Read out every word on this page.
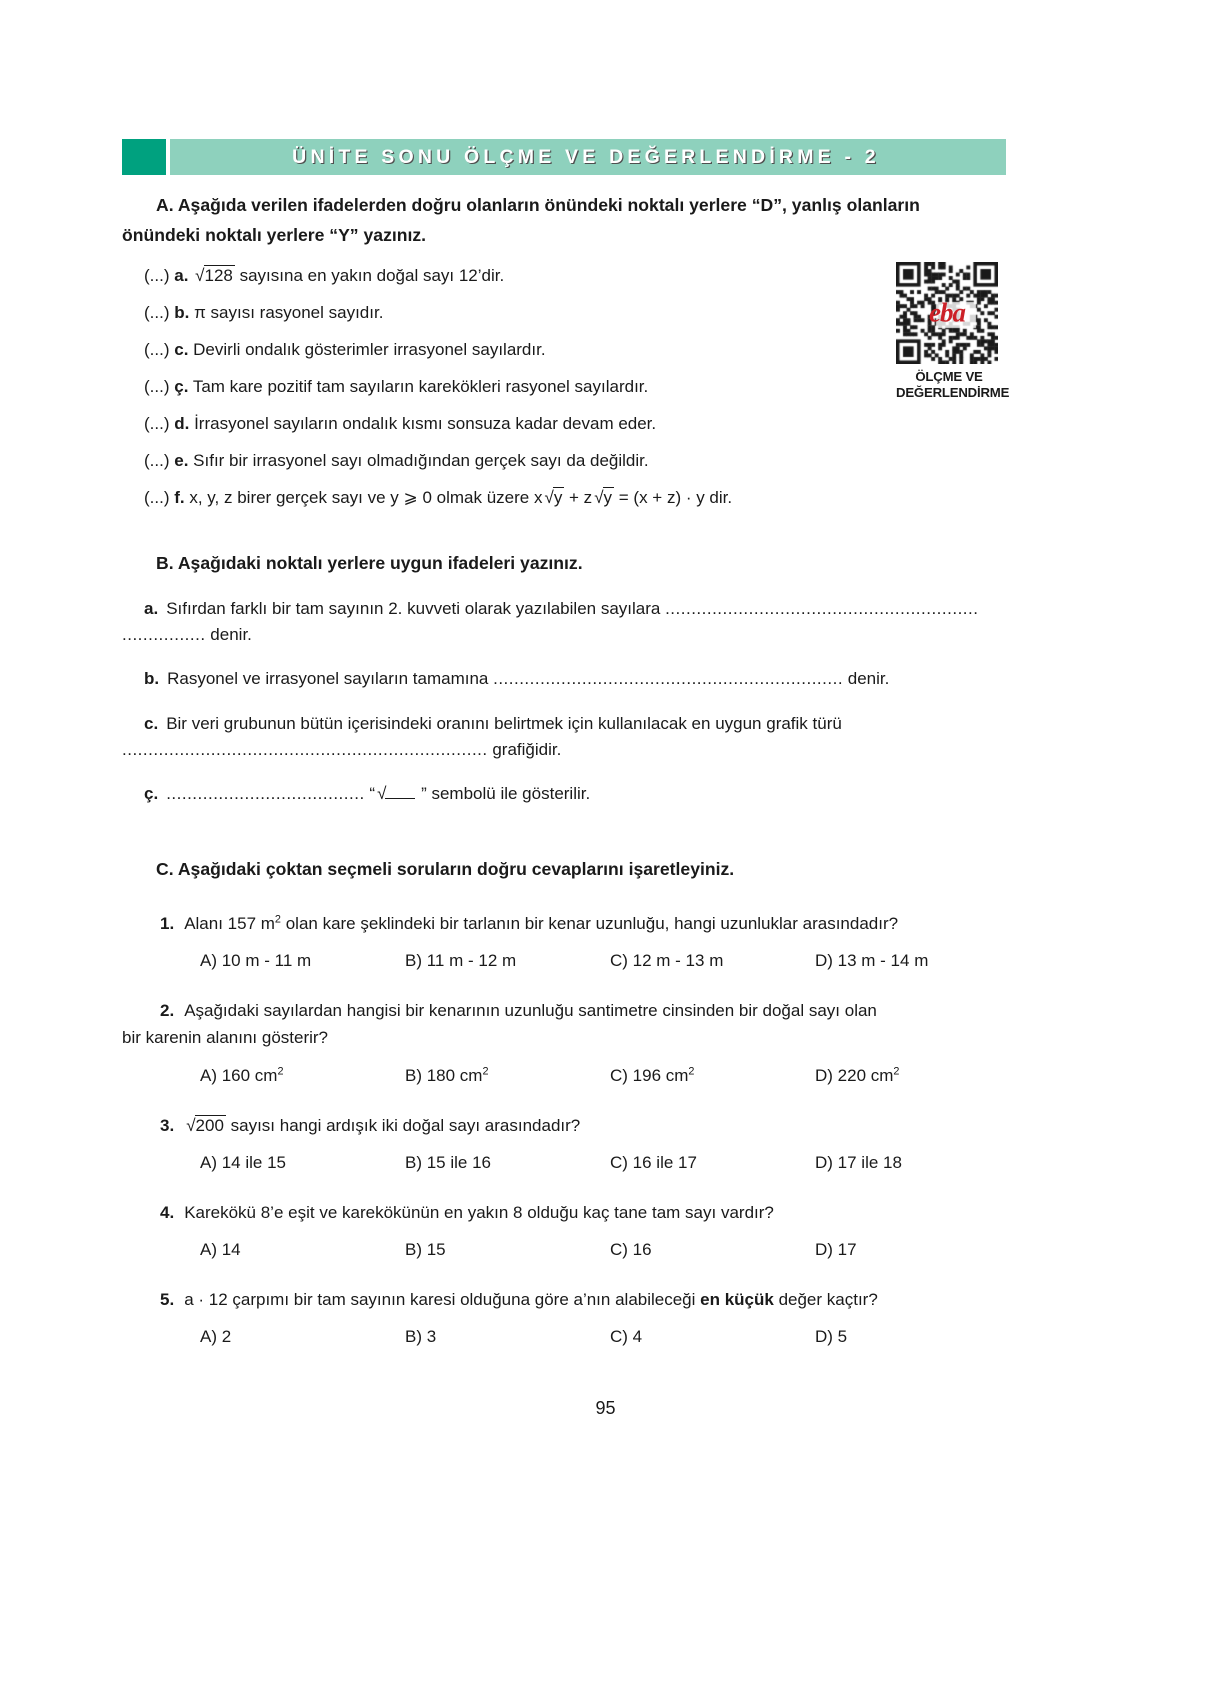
ÜNİTE SONU ÖLÇME VE DEĞERLENDİRME - 2
eba
ÖLÇME VE
DEĞERLENDİRME
A. Aşağıda verilen ifadelerden doğru olanların önündeki noktalı yerlere “D”, yanlış olanların
önündeki noktalı yerlere “Y” yazınız.
(...) a. √128 sayısına en yakın doğal sayı 12’dir.
(...) b. π sayısı rasyonel sayıdır.
(...) c. Devirli ondalık gösterimler irrasyonel sayılardır.
(...) ç. Tam kare pozitif tam sayıların karekökleri rasyonel sayılardır.
(...) d. İrrasyonel sayıların ondalık kısmı sonsuza kadar devam eder.
(...) e. Sıfır bir irrasyonel sayı olmadığından gerçek sayı da değildir.
(...) f. x, y, z birer gerçek sayı ve y ⩾ 0 olmak üzere x √y + z √y = (x + z) · y dir.
B. Aşağıdaki noktalı yerlere uygun ifadeleri yazınız.
a. Sıfırdan farklı bir tam sayının 2. kuvveti olarak yazılabilen sayılara ............................................................
................ denir.
b. Rasyonel ve irrasyonel sayıların tamamına ................................................................... denir.
c. Bir veri grubunun bütün içerisindeki oranını belirtmek için kullanılacak en uygun grafik türü
...................................................................... grafiğidir.
ç. ...................................... “ √ ” sembolü ile gösterilir.
C. Aşağıdaki çoktan seçmeli soruların doğru cevaplarını işaretleyiniz.
1. Alanı 157 $m^2$ olan kare şeklindeki bir tarlanın bir kenar uzunluğu, hangi uzunluklar arasındadır?
A) 10 m - 11 m	B) 11 m - 12 m	C) 12 m - 13 m	D) 13 m - 14 m
2. Aşağıdaki sayılardan hangisi bir kenarının uzunluğu santimetre cinsinden bir doğal sayı olan
bir karenin alanını gösterir?
A) 160 $cm^2$	B) 180 $cm^2$	C) 196 $cm^2$	D) 220 $cm^2$
3. √200 sayısı hangi ardışık iki doğal sayı arasındadır?
A) 14 ile 15	B) 15 ile 16	C) 16 ile 17	D) 17 ile 18
4. Karekökü 8’e eşit ve karekökünün en yakın 8 olduğu kaç tane tam sayı vardır?
A) 14	B) 15	C) 16	D) 17
5. a · 12 çarpımı bir tam sayının karesi olduğuna göre a’nın alabileceği en küçük değer kaçtır?
A) 2	B) 3	C) 4	D) 5
95
